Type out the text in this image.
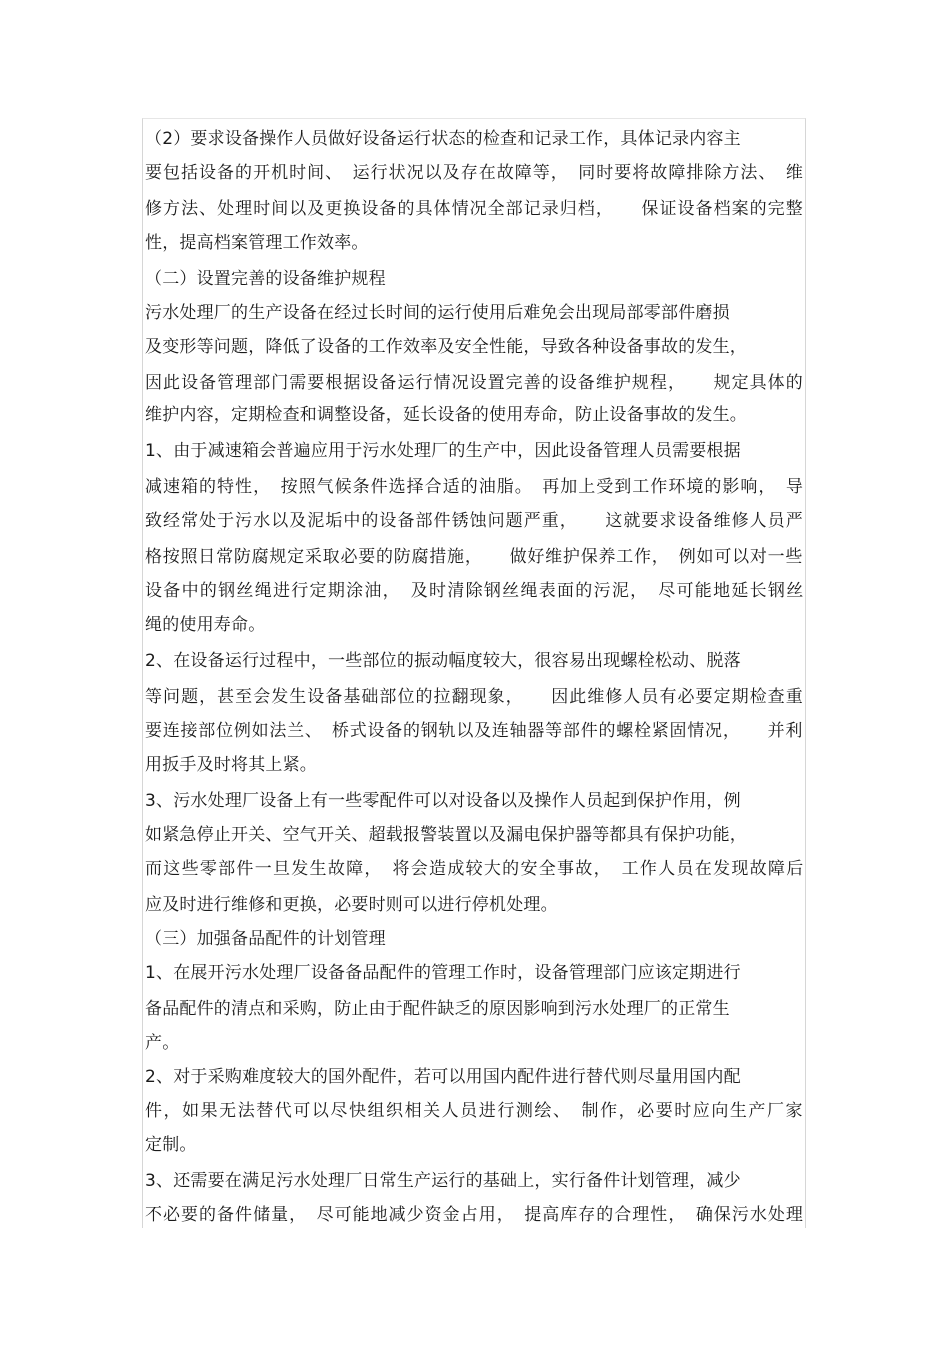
（2）要求设备操作人员做好设备运行状态的检查和记录工作，具体记录内容主
要包括设备的开机时间、　运行状况以及存在故障等，　同时要将故障排除方法、　维
修方法、处理时间以及更换设备的具体情况全部记录归档，　　保证设备档案的完整
性，提高档案管理工作效率。
（二）设置完善的设备维护规程
污水处理厂的生产设备在经过长时间的运行使用后难免会出现局部零部件磨损
及变形等问题，降低了设备的工作效率及安全性能，导致各种设备事故的发生，
因此设备管理部门需要根据设备运行情况设置完善的设备维护规程，　　规定具体的
维护内容，定期检查和调整设备，延长设备的使用寿命，防止设备事故的发生。
1、由于减速箱会普遍应用于污水处理厂的生产中，因此设备管理人员需要根据
减速箱的特性，　按照气候条件选择合适的油脂。　再加上受到工作环境的影响，　导
致经常处于污水以及泥垢中的设备部件锈蚀问题严重，　　这就要求设备维修人员严
格按照日常防腐规定采取必要的防腐措施，　　做好维护保养工作，　例如可以对一些
设备中的钢丝绳进行定期涂油，　及时清除钢丝绳表面的污泥，　尽可能地延长钢丝
绳的使用寿命。
2、在设备运行过程中，一些部位的振动幅度较大，很容易出现螺栓松动、脱落
等问题，甚至会发生设备基础部位的拉翻现象，　　因此维修人员有必要定期检查重
要连接部位例如法兰、　桥式设备的钢轨以及连轴器等部件的螺栓紧固情况，　　并利
用扳手及时将其上紧。
3、污水处理厂设备上有一些零配件可以对设备以及操作人员起到保护作用，例
如紧急停止开关、空气开关、超载报警装置以及漏电保护器等都具有保护功能，
而这些零部件一旦发生故障，　将会造成较大的安全事故，　工作人员在发现故障后
应及时进行维修和更换，必要时则可以进行停机处理。
（三）加强备品配件的计划管理
1、在展开污水处理厂设备备品配件的管理工作时，设备管理部门应该定期进行
备品配件的清点和采购，防止由于配件缺乏的原因影响到污水处理厂的正常生
产。
2、对于采购难度较大的国外配件，若可以用国内配件进行替代则尽量用国内配
件，如果无法替代可以尽快组织相关人员进行测绘、　制作，必要时应向生产厂家
定制。
3、还需要在满足污水处理厂日常生产运行的基础上，实行备件计划管理，减少
不必要的备件储量，　尽可能地减少资金占用，　提高库存的合理性，　确保污水处理
